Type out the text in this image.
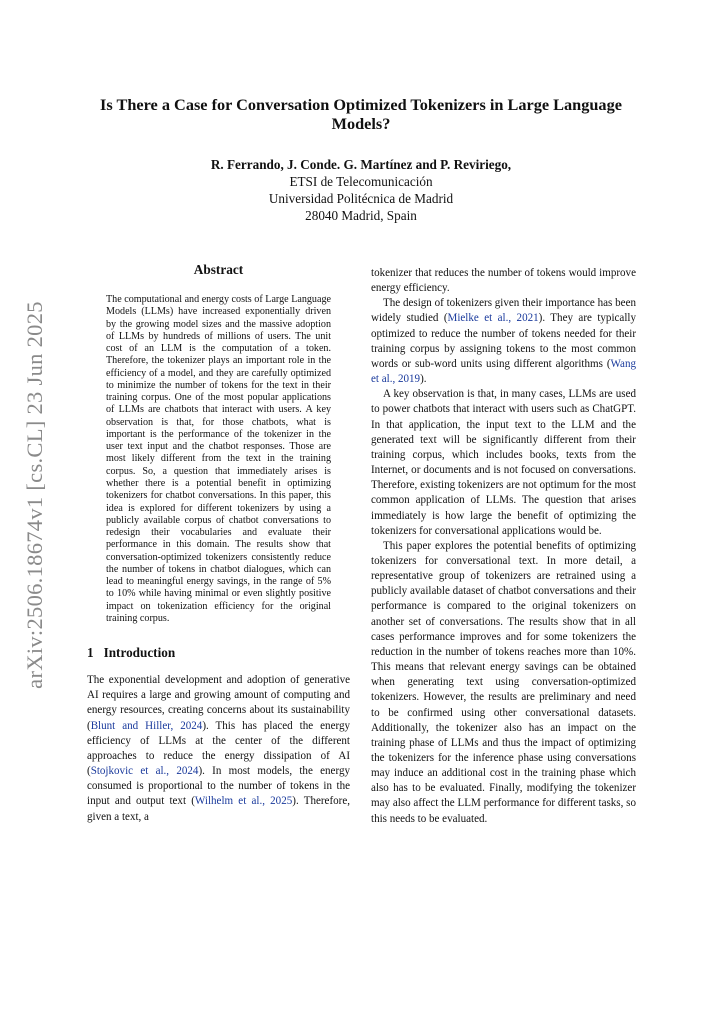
arXiv:2506.18674v1 [cs.CL] 23 Jun 2025
Is There a Case for Conversation Optimized Tokenizers in Large Language Models?
R. Ferrando, J. Conde. G. Martínez and P. Reviriego,
ETSI de Telecomunicación
Universidad Politécnica de Madrid
28040 Madrid, Spain
Abstract
The computational and energy costs of Large Language Models (LLMs) have increased exponentially driven by the growing model sizes and the massive adoption of LLMs by hundreds of millions of users. The unit cost of an LLM is the computation of a token. Therefore, the tokenizer plays an important role in the efficiency of a model, and they are carefully optimized to minimize the number of tokens for the text in their training corpus. One of the most popular applications of LLMs are chatbots that interact with users. A key observation is that, for those chatbots, what is important is the performance of the tokenizer in the user text input and the chatbot responses. Those are most likely different from the text in the training corpus. So, a question that immediately arises is whether there is a potential benefit in optimizing tokenizers for chatbot conversations. In this paper, this idea is explored for different tokenizers by using a publicly available corpus of chatbot conversations to redesign their vocabularies and evaluate their performance in this domain. The results show that conversation-optimized tokenizers consistently reduce the number of tokens in chatbot dialogues, which can lead to meaningful energy savings, in the range of 5% to 10% while having minimal or even slightly positive impact on tokenization efficiency for the original training corpus.
1 Introduction

The exponential development and adoption of generative AI requires a large and growing amount of computing and energy resources, creating concerns about its sustainability (Blunt and Hiller, 2024). This has placed the energy efficiency of LLMs at the center of the different approaches to reduce the energy dissipation of AI (Stojkovic et al., 2024). In most models, the energy consumed is proportional to the number of tokens in the input and output text (Wilhelm et al., 2025). Therefore, given a text, a

tokenizer that reduces the number of tokens would improve energy efficiency.

The design of tokenizers given their importance has been widely studied (Mielke et al., 2021). They are typically optimized to reduce the number of tokens needed for their training corpus by assigning tokens to the most common words or sub-word units using different algorithms (Wang et al., 2019).

A key observation is that, in many cases, LLMs are used to power chatbots that interact with users such as ChatGPT. In that application, the input text to the LLM and the generated text will be significantly different from their training corpus, which includes books, texts from the Internet, or documents and is not focused on conversations. Therefore, existing tokenizers are not optimum for the most common application of LLMs. The question that arises immediately is how large the benefit of optimizing the tokenizers for conversational applications would be.

This paper explores the potential benefits of optimizing tokenizers for conversational text. In more detail, a representative group of tokenizers are retrained using a publicly available dataset of chatbot conversations and their performance is compared to the original tokenizers on another set of conversations. The results show that in all cases performance improves and for some tokenizers the reduction in the number of tokens reaches more than 10%. This means that relevant energy savings can be obtained when generating text using conversation-optimized tokenizers. However, the results are preliminary and need to be confirmed using other conversational datasets. Additionally, the tokenizer also has an impact on the training phase of LLMs and thus the impact of optimizing the tokenizers for the inference phase using conversations may induce an additional cost in the training phase which also has to be evaluated. Finally, modifying the tokenizer may also affect the LLM performance for different tasks, so this needs to be evaluated.
